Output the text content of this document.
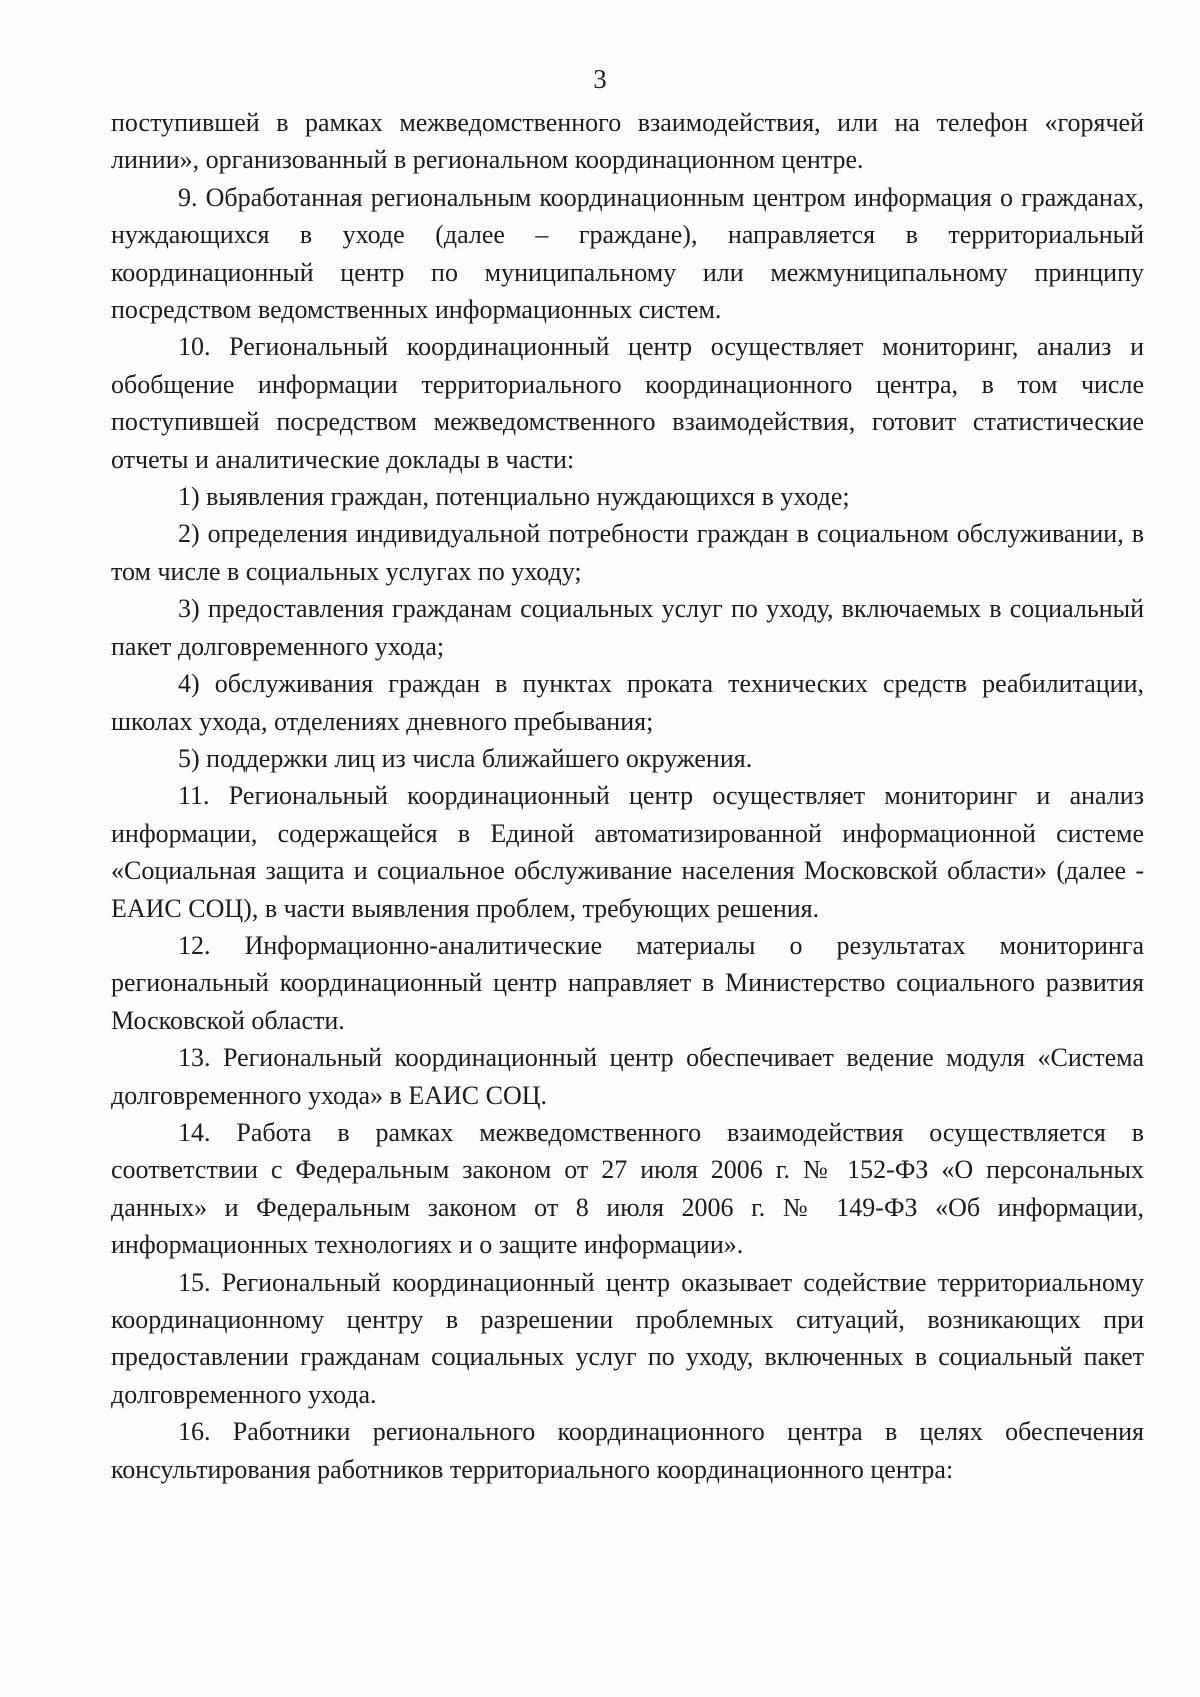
3

поступившей в рамках межведомственного взаимодействия, или на телефон «горячей линии», организованный в региональном координационном центре.

9. Обработанная региональным координационным центром информация о гражданах, нуждающихся в уходе (далее – граждане), направляется в территориальный координационный центр по муниципальному или межмуниципальному принципу посредством ведомственных информационных систем.

10. Региональный координационный центр осуществляет мониторинг, анализ и обобщение информации территориального координационного центра, в том числе поступившей посредством межведомственного взаимодействия, готовит статистические отчеты и аналитические доклады в части:

1) выявления граждан, потенциально нуждающихся в уходе;

2) определения индивидуальной потребности граждан в социальном обслуживании, в том числе в социальных услугах по уходу;

3) предоставления гражданам социальных услуг по уходу, включаемых в социальный пакет долговременного ухода;

4) обслуживания граждан в пунктах проката технических средств реабилитации, школах ухода, отделениях дневного пребывания;

5) поддержки лиц из числа ближайшего окружения.

11. Региональный координационный центр осуществляет мониторинг и анализ информации, содержащейся в Единой автоматизированной информационной системе «Социальная защита и социальное обслуживание населения Московской области» (далее - ЕАИС СОЦ), в части выявления проблем, требующих решения.

12. Информационно-аналитические материалы о результатах мониторинга региональный координационный центр направляет в Министерство социального развития Московской области.

13. Региональный координационный центр обеспечивает ведение модуля «Система долговременного ухода» в ЕАИС СОЦ.

14. Работа в рамках межведомственного взаимодействия осуществляется в соответствии с Федеральным законом от 27 июля 2006 г. № 152-ФЗ «О персональных данных» и Федеральным законом от 8 июля 2006 г. № 149-ФЗ «Об информации, информационных технологиях и о защите информации».

15. Региональный координационный центр оказывает содействие территориальному координационному центру в разрешении проблемных ситуаций, возникающих при предоставлении гражданам социальных услуг по уходу, включенных в социальный пакет долговременного ухода.

16. Работники регионального координационного центра в целях обеспечения консультирования работников территориального координационного центра:
